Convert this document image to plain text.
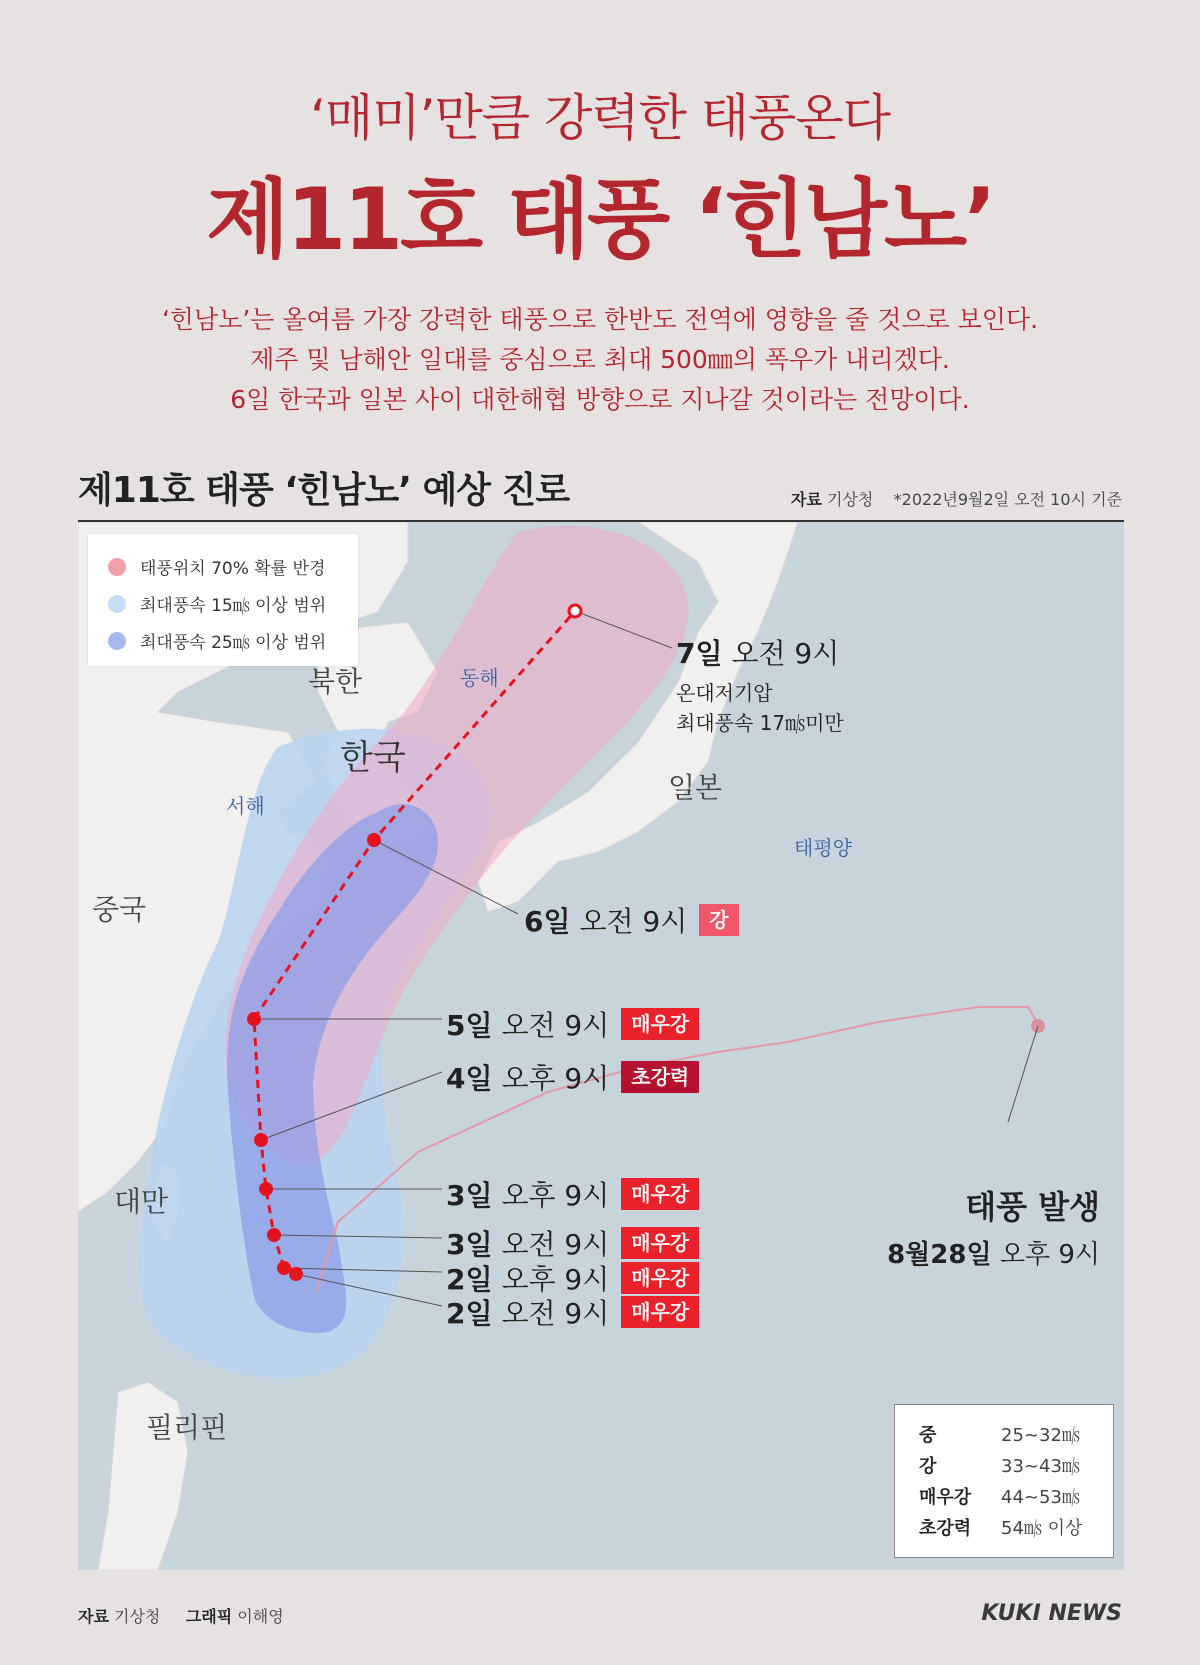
‘매미’만큼 강력한 태풍온다
제11호 태풍 ‘힌남노’
‘힌남노’는 올여름 가장 강력한 태풍으로 한반도 전역에 영향을 줄 것으로 보인다.
제주 및 남해안 일대를 중심으로 최대 500㎜의 폭우가 내리겠다.
6일 한국과 일본 사이 대한해협 방향으로 지나갈 것이라는 전망이다.
제11호 태풍 ‘힌남노’ 예상 진로	자료 기상청 *2022년9월2일 오전 10시 기준
태풍위치 70% 확률 반경
최대풍속 15㎧ 이상 범위
최대풍속 25㎧ 이상 범위
북한
한국
일본
중국
대만
필리핀
동해
서해
태평양
7일
오전 9시
온대저기압
최대풍속 17㎧미만
6일
오전 9시	강
5일
오전 9시	매우강
4일
오후 9시	초강력
3일
오후 9시	매우강
3일
오전 9시	매우강
2일
오후 9시	매우강
2일
오전 9시	매우강
태풍 발생
8월28일 오후 9시
중	25~32㎧
강	33~43㎧
매우강	44~53㎧
초강력	54㎧ 이상
자료 기상청 그래픽 이해영	KUKI NEWS
